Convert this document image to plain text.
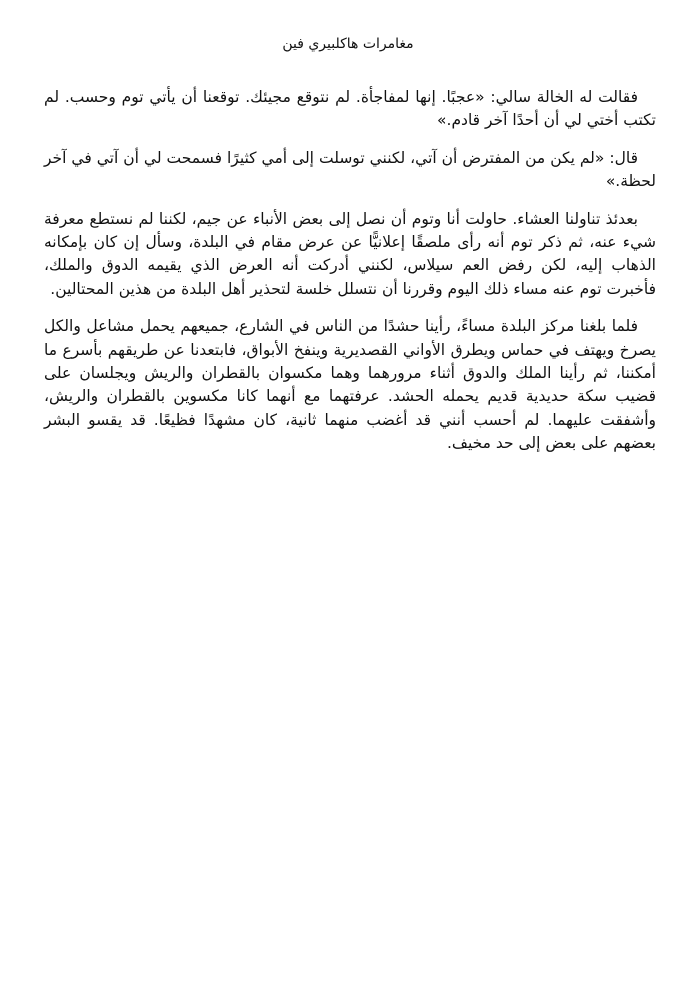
مغامرات هاكلبيري فين

فقالت له الخالة سالي: «عجبًا. إنها لمفاجأة. لم نتوقع مجيئك. توقعنا أن يأتي توم وحسب. لم تكتب أختي لي أن أحدًا آخر قادم.»

قال: «لم يكن من المفترض أن آتي، لكنني توسلت إلى أمي كثيرًا فسمحت لي أن آتي في آخر لحظة.»

بعدئذ تناولنا العشاء. حاولت أنا وتوم أن نصل إلى بعض الأنباء عن جيم، لكننا لم نستطع معرفة شيء عنه، ثم ذكر توم أنه رأى ملصقًا إعلانيًّا عن عرض مقام في البلدة، وسأل إن كان بإمكانه الذهاب إليه، لكن رفض العم سيلاس، لكنني أدركت أنه العرض الذي يقيمه الدوق والملك، فأخبرت توم عنه مساء ذلك اليوم وقررنا أن نتسلل خلسة لتحذير أهل البلدة من هذين المحتالين.

فلما بلغنا مركز البلدة مساءً، رأينا حشدًا من الناس في الشارع، جميعهم يحمل مشاعل والكل يصرخ ويهتف في حماس ويطرق الأواني القصديرية وينفخ الأبواق، فابتعدنا عن طريقهم بأسرع ما أمكننا، ثم رأينا الملك والدوق أثناء مرورهما وهما مكسوان بالقطران والريش ويجلسان على قضيب سكة حديدية قديم يحمله الحشد. عرفتهما مع أنهما كانا مكسوين بالقطران والريش، وأشفقت عليهما. لم أحسب أنني قد أغضب منهما ثانية، كان مشهدًا فظيعًا. قد يقسو البشر بعضهم على بعض إلى حد مخيف.
